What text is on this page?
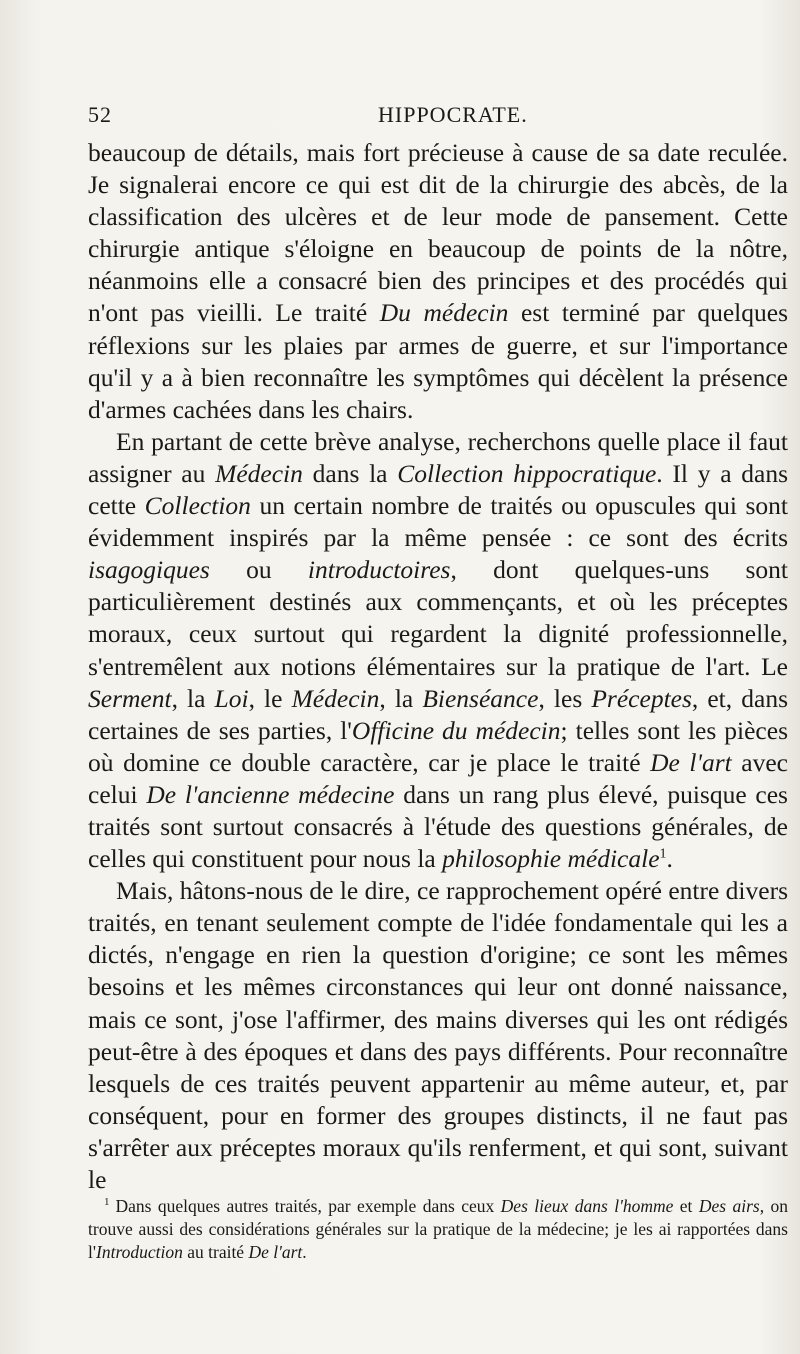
52	HIPPOCRATE.

beaucoup de détails, mais fort précieuse à cause de sa date reculée. Je signalerai encore ce qui est dit de la chirurgie des abcès, de la classification des ulcères et de leur mode de pansement. Cette chirurgie antique s'éloigne en beaucoup de points de la nôtre, néanmoins elle a consacré bien des principes et des procédés qui n'ont pas vieilli. Le traité Du médecin est terminé par quelques réflexions sur les plaies par armes de guerre, et sur l'importance qu'il y a à bien reconnaître les symptômes qui décèlent la présence d'armes cachées dans les chairs.

En partant de cette brève analyse, recherchons quelle place il faut assigner au Médecin dans la Collection hippocratique. Il y a dans cette Collection un certain nombre de traités ou opuscules qui sont évidemment inspirés par la même pensée : ce sont des écrits isagogiques ou introductoires, dont quelques-uns sont particulièrement destinés aux commençants, et où les préceptes moraux, ceux surtout qui regardent la dignité professionnelle, s'entremêlent aux notions élémentaires sur la pratique de l'art. Le Serment, la Loi, le Médecin, la Bienséance, les Préceptes, et, dans certaines de ses parties, l'Officine du médecin; telles sont les pièces où domine ce double caractère, car je place le traité De l'art avec celui De l'ancienne médecine dans un rang plus élevé, puisque ces traités sont surtout consacrés à l'étude des questions générales, de celles qui constituent pour nous la philosophie médicale$^1$.

Mais, hâtons-nous de le dire, ce rapprochement opéré entre divers traités, en tenant seulement compte de l'idée fondamentale qui les a dictés, n'engage en rien la question d'origine; ce sont les mêmes besoins et les mêmes circonstances qui leur ont donné naissance, mais ce sont, j'ose l'affirmer, des mains diverses qui les ont rédigés peut-être à des époques et dans des pays différents. Pour reconnaître lesquels de ces traités peuvent appartenir au même auteur, et, par conséquent, pour en former des groupes distincts, il ne faut pas s'arrêter aux préceptes moraux qu'ils renferment, et qui sont, suivant le

$^1$ Dans quelques autres traités, par exemple dans ceux Des lieux dans l'homme et Des airs, on trouve aussi des considérations générales sur la pratique de la médecine; je les ai rapportées dans l'Introduction au traité De l'art.
